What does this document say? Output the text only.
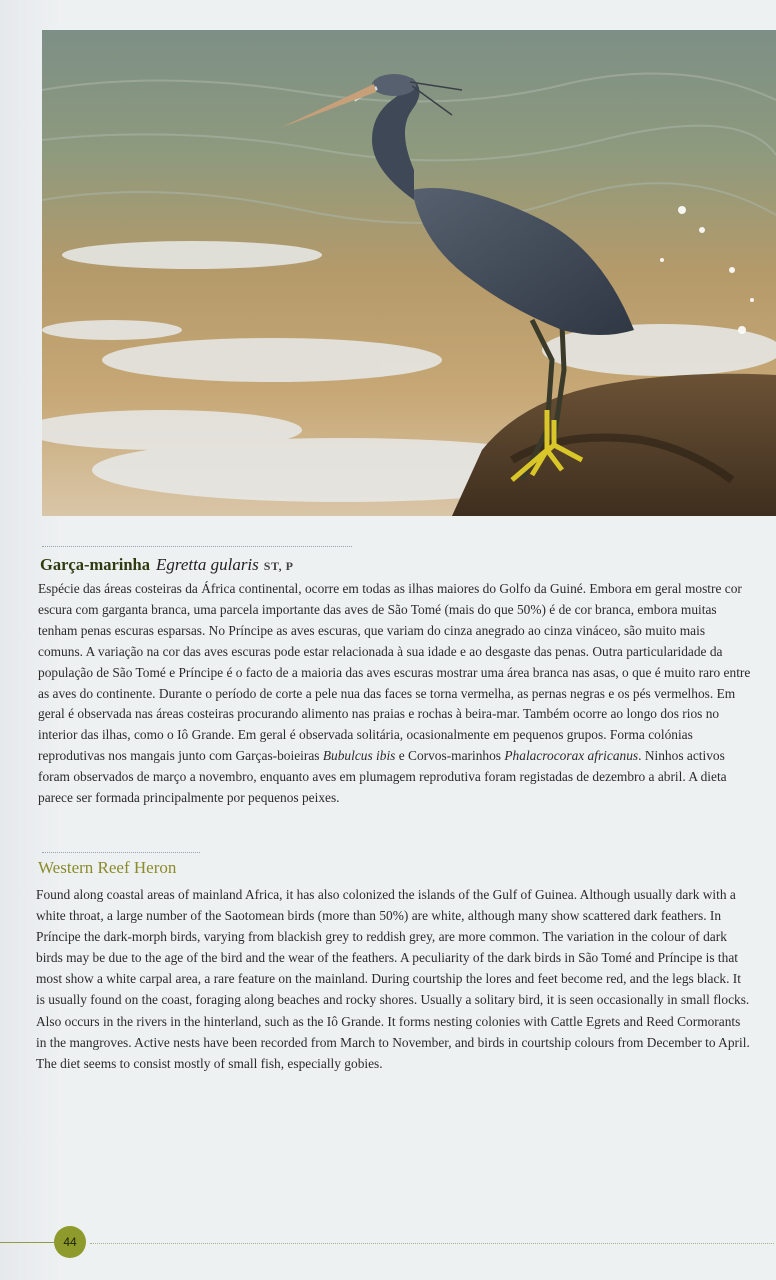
Garça-marinha Egretta gularis ST, P
Espécie das áreas costeiras da África continental, ocorre em todas as ilhas maiores do Golfo da Guiné. Embora em geral mostre cor escura com garganta branca, uma parcela importante das aves de São Tomé (mais do que 50%) é de cor branca, embora muitas tenham penas escuras esparsas. No Príncipe as aves escuras, que variam do cinza anegrado ao cinza vináceo, são muito mais comuns. A variação na cor das aves escuras pode estar relacionada à sua idade e ao desgaste das penas. Outra particularidade da população de São Tomé e Príncipe é o facto de a maioria das aves escuras mostrar uma área branca nas asas, o que é muito raro entre as aves do continente. Durante o período de corte a pele nua das faces se torna vermelha, as pernas negras e os pés vermelhos. Em geral é observada nas áreas costeiras procurando alimento nas praias e rochas à beira-mar. Também ocorre ao longo dos rios no interior das ilhas, como o Iô Grande. Em geral é observada solitária, ocasionalmente em pequenos grupos. Forma colónias reprodutivas nos mangais junto com Garças-boieiras Bubulcus ibis e Corvos-marinhos Phalacrocorax africanus. Ninhos activos foram observados de março a novembro, enquanto aves em plumagem reprodutiva foram registadas de dezembro a abril. A dieta parece ser formada principalmente por pequenos peixes.
Western Reef Heron
Found along coastal areas of mainland Africa, it has also colonized the islands of the Gulf of Guinea. Although usually dark with a white throat, a large number of the Saotomean birds (more than 50%) are white, although many show scattered dark feathers. In Príncipe the dark-morph birds, varying from blackish grey to reddish grey, are more common. The variation in the colour of dark birds may be due to the age of the bird and the wear of the feathers. A peculiarity of the dark birds in São Tomé and Príncipe is that most show a white carpal area, a rare feature on the mainland. During courtship the lores and feet become red, and the legs black. It is usually found on the coast, foraging along beaches and rocky shores. Usually a solitary bird, it is seen occasionally in small flocks. Also occurs in the rivers in the hinterland, such as the Iô Grande. It forms nesting colonies with Cattle Egrets and Reed Cormorants in the mangroves. Active nests have been recorded from March to November, and birds in courtship colours from December to April. The diet seems to consist mostly of small fish, especially gobies.
44
